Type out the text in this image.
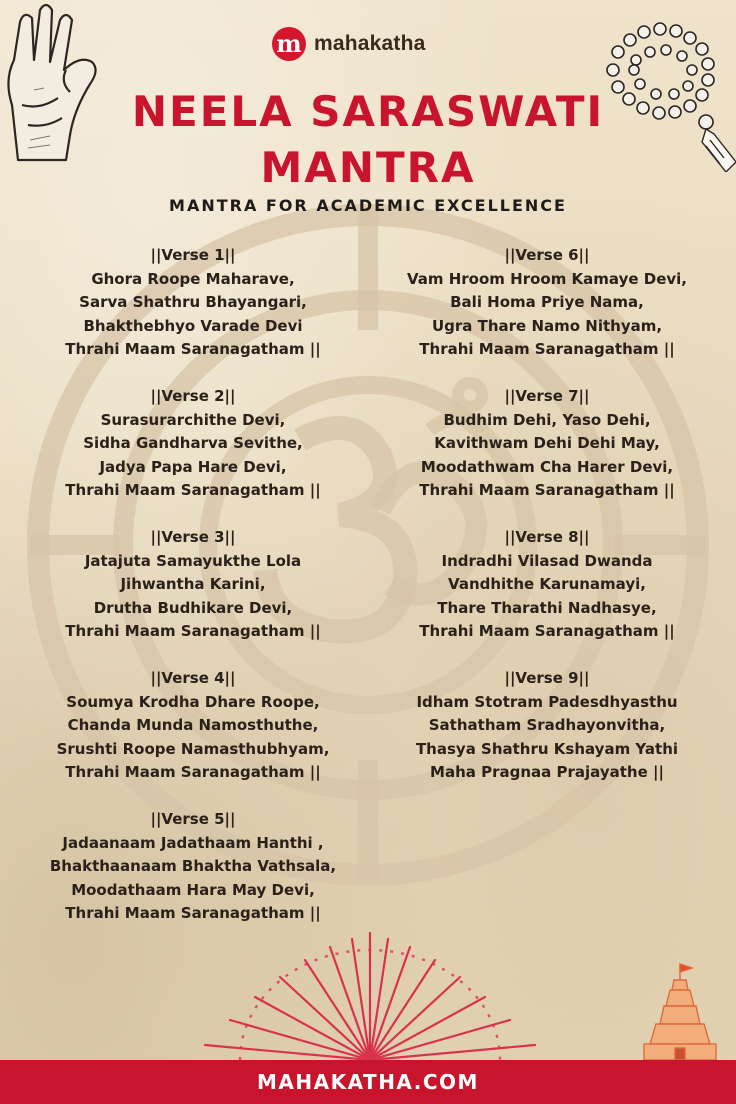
m mahakatha
NEELA SARASWATI
MANTRA

MANTRA FOR ACADEMIC EXCELLENCE

||Verse 1||
Ghora Roope Maharave,
Sarva Shathru Bhayangari,
Bhakthebhyo Varade Devi
Thrahi Maam Saranagatham ||
||Verse 2||
Surasurarchithe Devi,
Sidha Gandharva Sevithe,
Jadya Papa Hare Devi,
Thrahi Maam Saranagatham ||
||Verse 3||
Jatajuta Samayukthe Lola
Jihwantha Karini,
Drutha Budhikare Devi,
Thrahi Maam Saranagatham ||
||Verse 4||
Soumya Krodha Dhare Roope,
Chanda Munda Namosthuthe,
Srushti Roope Namasthubhyam,
Thrahi Maam Saranagatham ||
||Verse 5||
Jadaanaam Jadathaam Hanthi ,
Bhakthaanaam Bhaktha Vathsala,
Moodathaam Hara May Devi,
Thrahi Maam Saranagatham ||
||Verse 6||
Vam Hroom Hroom Kamaye Devi,
Bali Homa Priye Nama,
Ugra Thare Namo Nithyam,
Thrahi Maam Saranagatham ||
||Verse 7||
Budhim Dehi, Yaso Dehi,
Kavithwam Dehi Dehi May,
Moodathwam Cha Harer Devi,
Thrahi Maam Saranagatham ||
||Verse 8||
Indradhi Vilasad Dwanda
Vandhithe Karunamayi,
Thare Tharathi Nadhasye,
Thrahi Maam Saranagatham ||
||Verse 9||
Idham Stotram Padesdhyasthu
Sathatham Sradhayonvitha,
Thasya Shathru Kshayam Yathi
Maha Pragnaa Prajayathe ||
MAHAKATHA.COM
